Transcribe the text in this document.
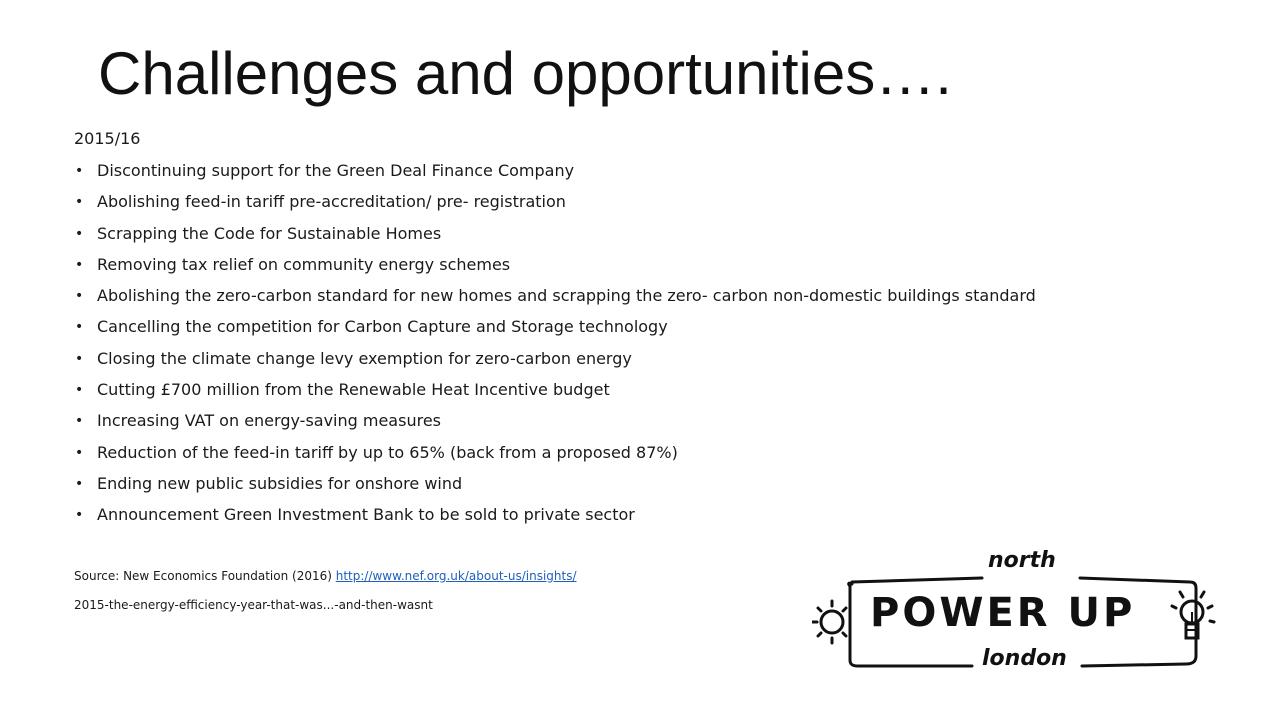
Challenges and opportunities….
2015/16
• Discontinuing support for the Green Deal Finance Company
• Abolishing feed-in tariff pre-accreditation/ pre- registration
• Scrapping the Code for Sustainable Homes
• Removing tax relief on community energy schemes
• Abolishing the zero-carbon standard for new homes and scrapping the zero- carbon non-domestic buildings standard
• Cancelling the competition for Carbon Capture and Storage technology
• Closing the climate change levy exemption for zero-carbon energy
• Cutting £700 million from the Renewable Heat Incentive budget
• Increasing VAT on energy-saving measures
• Reduction of the feed-in tariff by up to 65% (back from a proposed 87%)
• Ending new public subsidies for onshore wind
• Announcement Green Investment Bank to be sold to private sector
Source: New Economics Foundation (2016) http://www.nef.org.uk/about-us/insights/
2015-the-energy-efficiency-year-that-was...-and-then-wasnt
north
POWER UP
london
